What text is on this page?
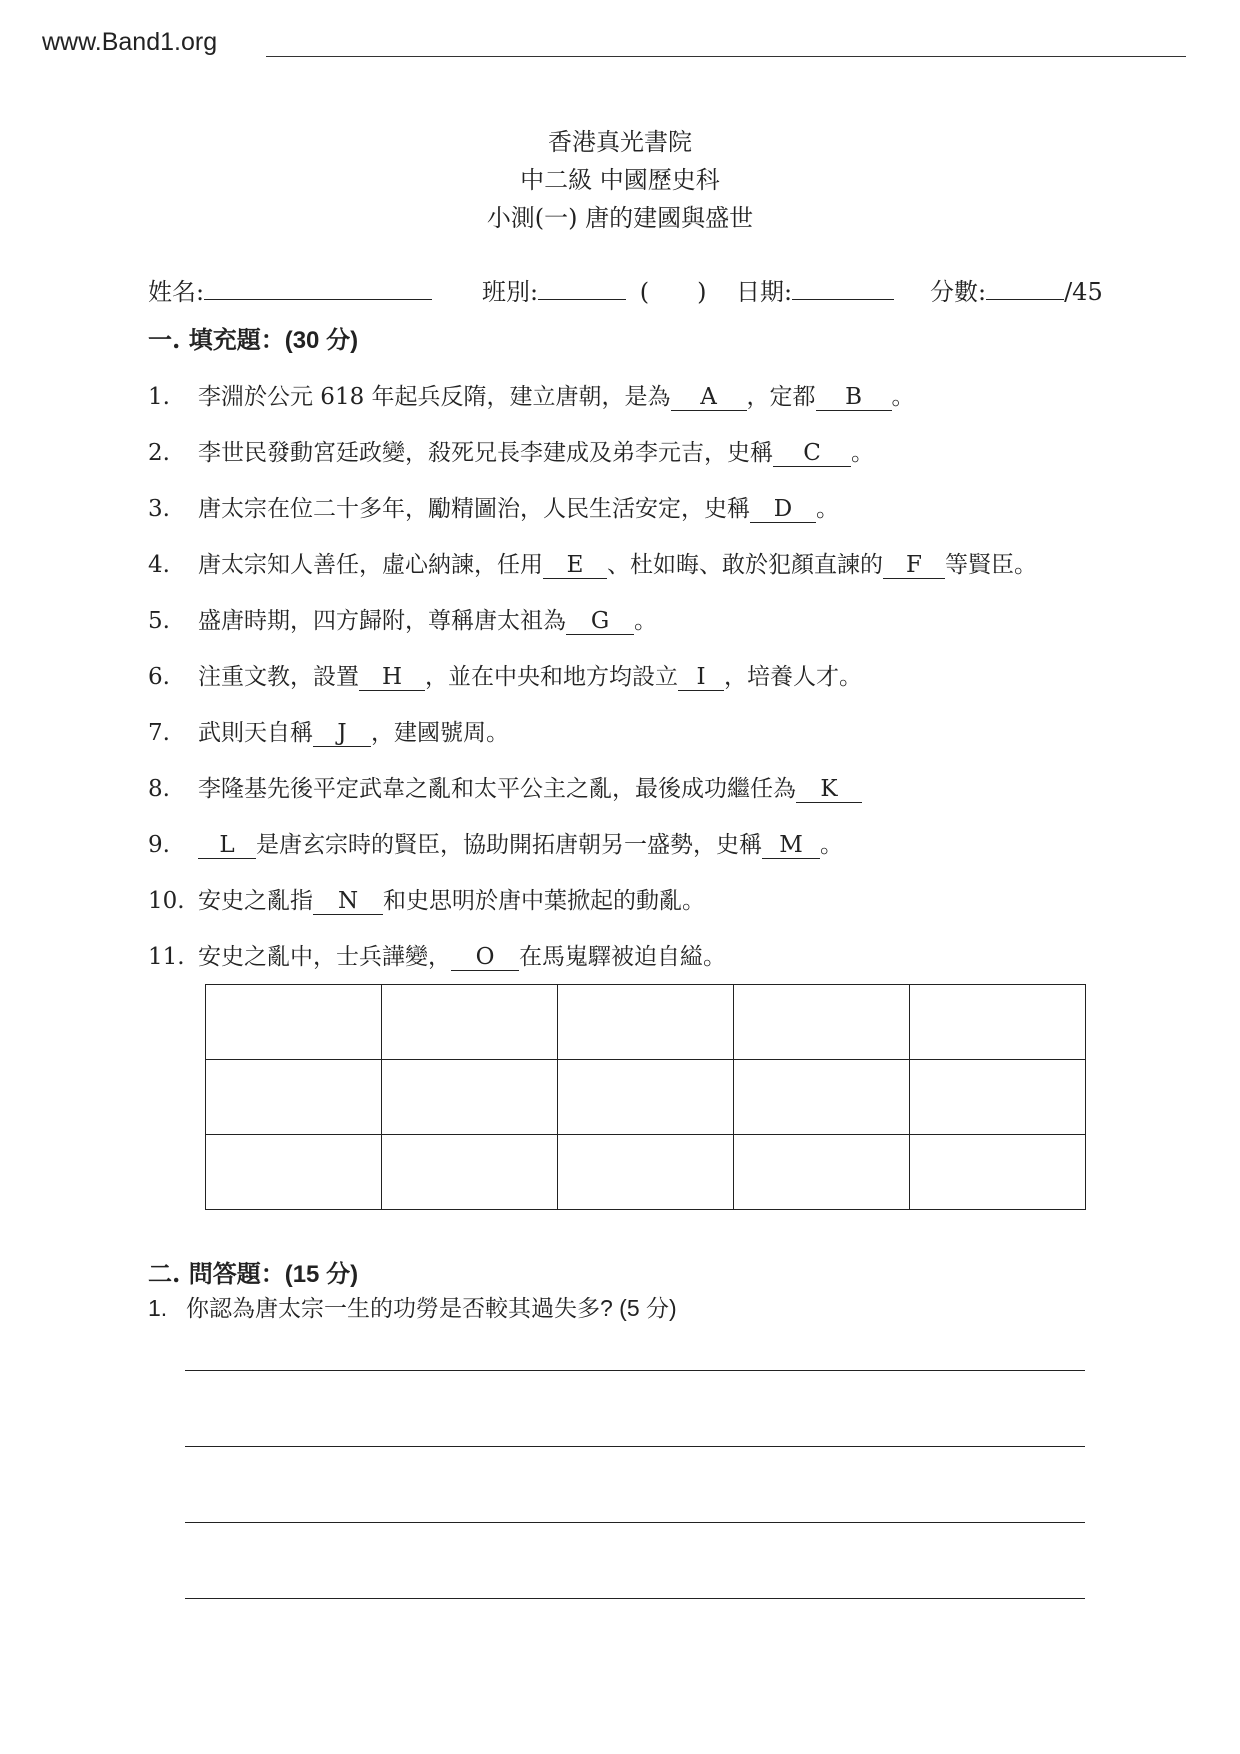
www.Band1.org
香港真光書院
中二級 中國歷史科
小測(一) 唐的建國與盛世
姓名:	班別:	( ) 日期:	分數:	/45
一. 填充題：(30 分)
1. 李淵於公元 618 年起兵反隋，建立唐朝，是為 A ，定都 B 。
2. 李世民發動宮廷政變，殺死兄長李建成及弟李元吉，史稱 C 。
3. 唐太宗在位二十多年，勵精圖治，人民生活安定，史稱 D 。
4. 唐太宗知人善任，虛心納諫，任用 E 、杜如晦、敢於犯顏直諫的 F 等賢臣。
5. 盛唐時期，四方歸附，尊稱唐太祖為 G 。
6. 注重文教，設置 H ，並在中央和地方均設立 I ，培養人才。
7. 武則天自稱 J ，建國號周。
8. 李隆基先後平定武韋之亂和太平公主之亂，最後成功繼任為 K
9. L 是唐玄宗時的賢臣，協助開拓唐朝另一盛勢，史稱 M 。
10. 安史之亂指 N 和史思明於唐中葉掀起的動亂。
11. 安史之亂中，士兵譁變， O 在馬嵬驛被迫自縊。

二. 問答題：(15 分)
1. 你認為唐太宗一生的功勞是否較其過失多? (5 分)
